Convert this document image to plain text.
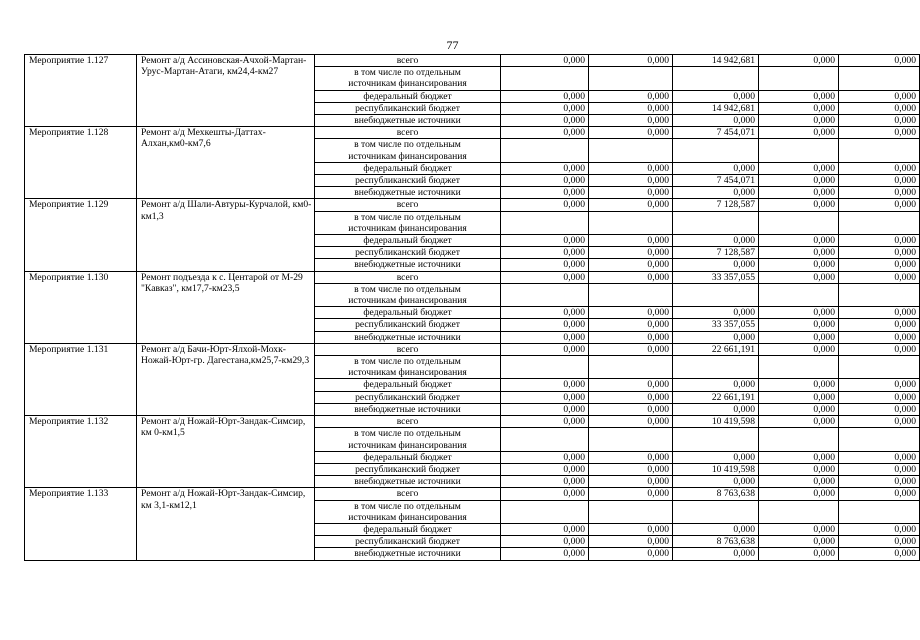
77
Мероприятие 1.127	Ремонт а/д Ассиновская-Ачхой-Мартан-Урус-Мартан-Атаги, км24,4-км27	всего	0,000	0,000	14 942,681	0,000	0,000
		в том числе по отдельным					
		источникам финансирования					
		федеральный бюджет	0,000	0,000	0,000	0,000	0,000
		республиканский бюджет	0,000	0,000	14 942,681	0,000	0,000
		внебюджетные источники	0,000	0,000	0,000	0,000	0,000
Мероприятие 1.128	Ремонт а/д Мехкешты-Даттах-Алхан,км0-км7,6	всего	0,000	0,000	7 454,071	0,000	0,000
		в том числе по отдельным					
		источникам финансирования					
		федеральный бюджет	0,000	0,000	0,000	0,000	0,000
		республиканский бюджет	0,000	0,000	7 454,071	0,000	0,000
		внебюджетные источники	0,000	0,000	0,000	0,000	0,000
Мероприятие 1.129	Ремонт а/д Шали-Автуры-Курчалой, км0-км1,3	всего	0,000	0,000	7 128,587	0,000	0,000
		в том числе по отдельным					
		источникам финансирования					
		федеральный бюджет	0,000	0,000	0,000	0,000	0,000
		республиканский бюджет	0,000	0,000	7 128,587	0,000	0,000
		внебюджетные источники	0,000	0,000	0,000	0,000	0,000
Мероприятие 1.130	Ремонт подъезда к с. Центарой от М-29 "Кавказ", км17,7-км23,5	всего	0,000	0,000	33 357,055	0,000	0,000
		в том числе по отдельным					
		источникам финансирования					
		федеральный бюджет	0,000	0,000	0,000	0,000	0,000
		республиканский бюджет	0,000	0,000	33 357,055	0,000	0,000
		внебюджетные источники	0,000	0,000	0,000	0,000	0,000
Мероприятие 1.131	Ремонт а/д Бачи-Юрт-Ялхой-Мохк-Ножай-Юрт-гр. Дагестана,км25,7-км29,3	всего	0,000	0,000	22 661,191	0,000	0,000
		в том числе по отдельным					
		источникам финансирования					
		федеральный бюджет	0,000	0,000	0,000	0,000	0,000
		республиканский бюджет	0,000	0,000	22 661,191	0,000	0,000
		внебюджетные источники	0,000	0,000	0,000	0,000	0,000
Мероприятие 1.132	Ремонт а/д Ножай-Юрт-Зандак-Симсир, км 0-км1,5	всего	0,000	0,000	10 419,598	0,000	0,000
		в том числе по отдельным					
		источникам финансирования					
		федеральный бюджет	0,000	0,000	0,000	0,000	0,000
		республиканский бюджет	0,000	0,000	10 419,598	0,000	0,000
		внебюджетные источники	0,000	0,000	0,000	0,000	0,000
Мероприятие 1.133	Ремонт а/д Ножай-Юрт-Зандак-Симсир, км 3,1-км12,1	всего	0,000	0,000	8 763,638	0,000	0,000
		в том числе по отдельным					
		источникам финансирования					
		федеральный бюджет	0,000	0,000	0,000	0,000	0,000
		республиканский бюджет	0,000	0,000	8 763,638	0,000	0,000
		внебюджетные источники	0,000	0,000	0,000	0,000	0,000
